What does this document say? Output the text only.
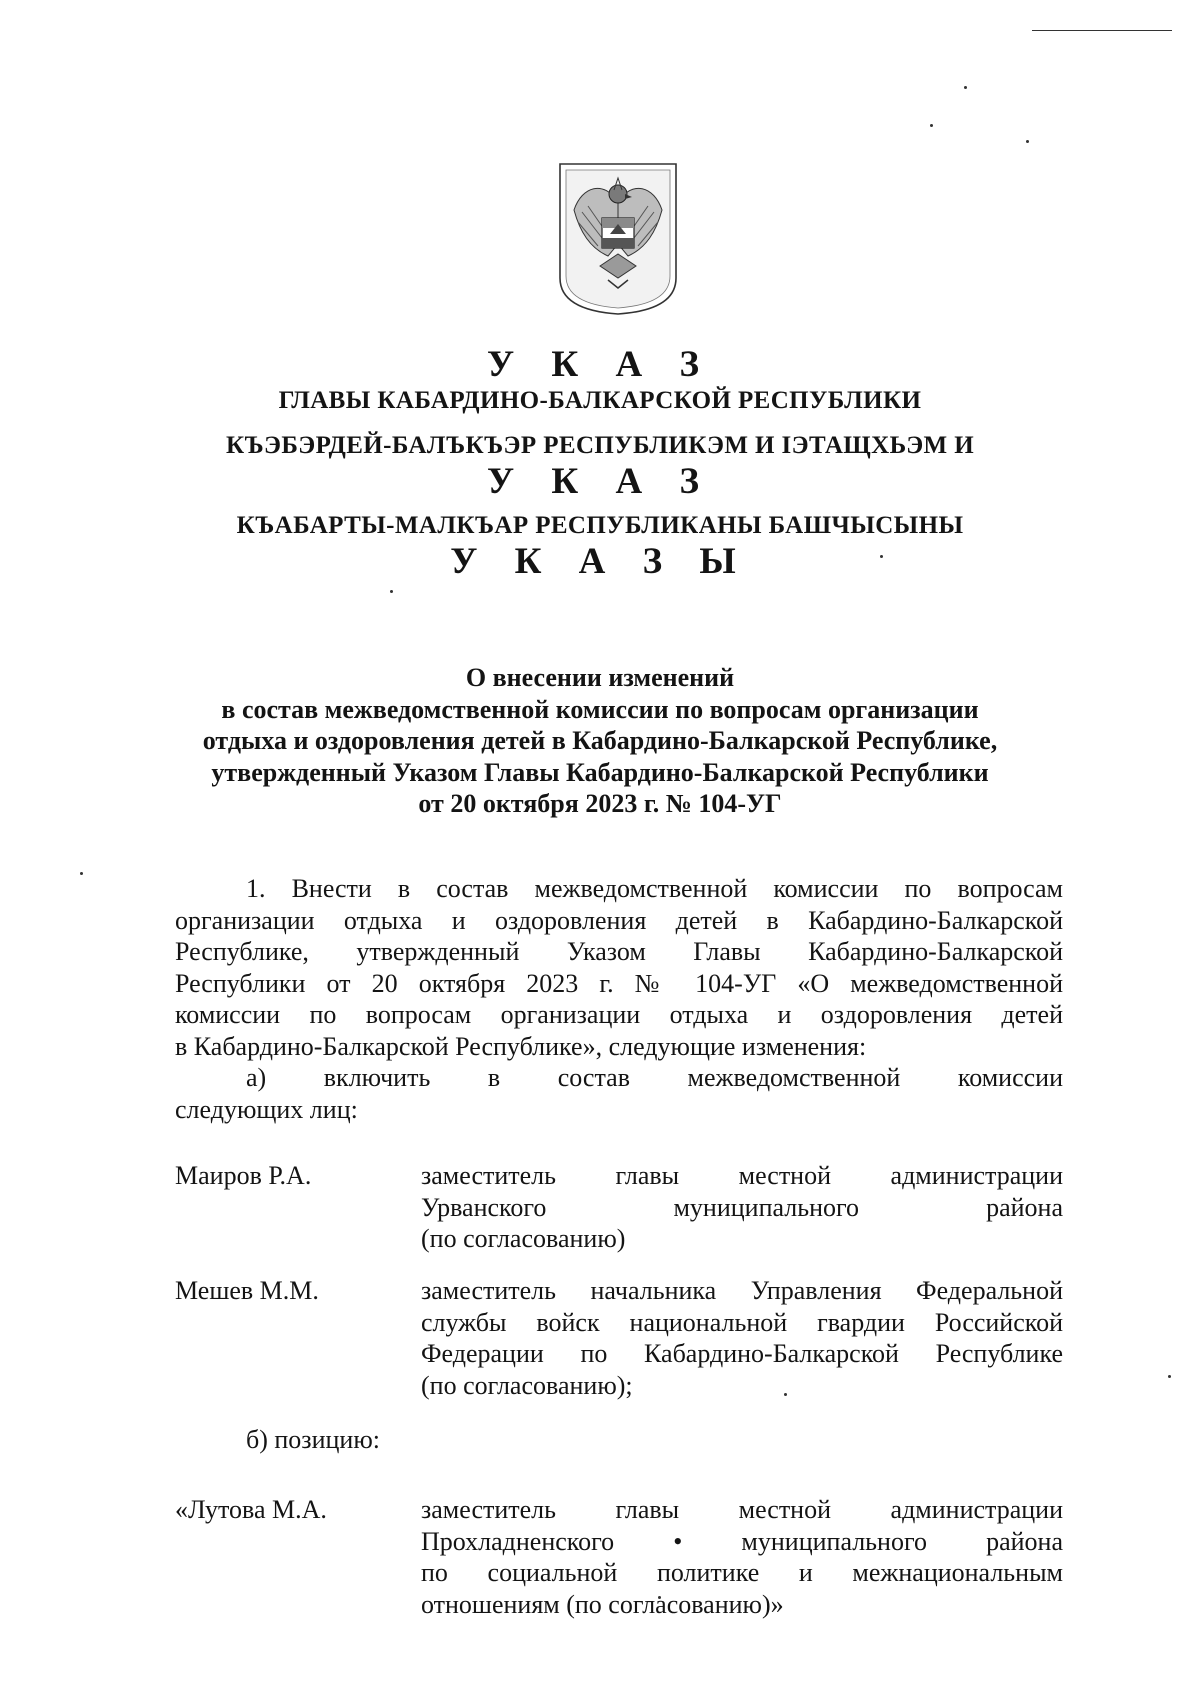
У К А З
ГЛАВЫ КАБАРДИНО-БАЛКАРСКОЙ РЕСПУБЛИКИ
КЪЭБЭРДЕЙ-БАЛЪКЪЭР РЕСПУБЛИКЭМ И ІЭТАЩХЬЭМ И
У К А З
КЪАБАРТЫ-МАЛКЪАР РЕСПУБЛИКАНЫ БАШЧЫСЫНЫ
У К А З Ы
О внесении изменений
в состав межведомственной комиссии по вопросам организации
отдыха и оздоровления детей в Кабардино-Балкарской Республике,
утвержденный Указом Главы Кабардино-Балкарской Республики
от 20 октября 2023 г. № 104-УГ
1. Внести в состав межведомственной комиссии по вопросам
организации отдыха и оздоровления детей в Кабардино-Балкарской
Республике, утвержденный Указом Главы Кабардино-Балкарской
Республики от 20 октября 2023 г. № 104-УГ «О межведомственной
комиссии по вопросам организации отдыха и оздоровления детей
в Кабардино-Балкарской Республике», следующие изменения:
а) включить в состав межведомственной комиссии
следующих лиц:
Маиров Р.А.	заместитель главы местной администрации
Урванского муниципального района
(по согласованию)
Мешев М.М.	заместитель начальника Управления Федеральной
службы войск национальной гвардии Российской
Федерации по Кабардино-Балкарской Республике
(по согласованию);
б) позицию:
«Лутова М.А.	заместитель главы местной администрации
Прохладненского • муниципального района
по социальной политике и межнациональным
отношениям (по согласованию)»
